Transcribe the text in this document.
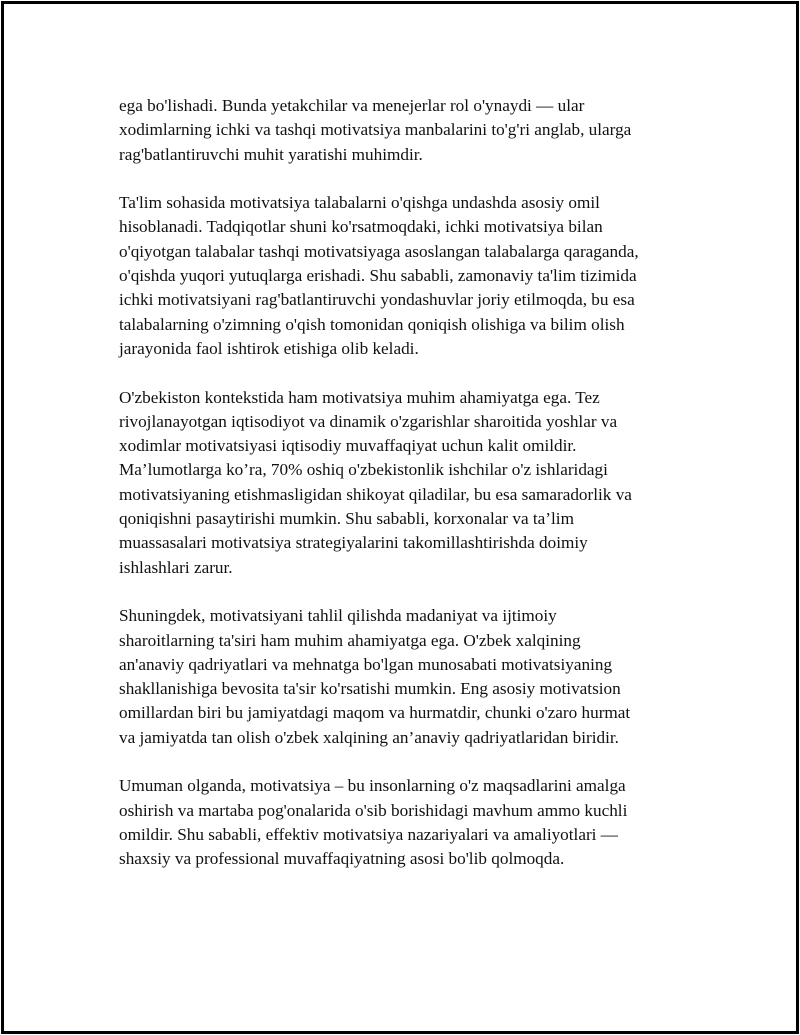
ega bo'lishadi. Bunda yetakchilar va menejerlar rol o'ynaydi — ular
xodimlarning ichki va tashqi motivatsiya manbalarini to'g'ri anglab, ularga
rag'batlantiruvchi muhit yaratishi muhimdir.

Ta'lim sohasida motivatsiya talabalarni o'qishga undashda asosiy omil
hisoblanadi. Tadqiqotlar shuni ko'rsatmoqdaki, ichki motivatsiya bilan
o'qiyotgan talabalar tashqi motivatsiyaga asoslangan talabalarga qaraganda,
o'qishda yuqori yutuqlarga erishadi. Shu sababli, zamonaviy ta'lim tizimida
ichki motivatsiyani rag'batlantiruvchi yondashuvlar joriy etilmoqda, bu esa
talabalarning o'zimning o'qish tomonidan qoniqish olishiga va bilim olish
jarayonida faol ishtirok etishiga olib keladi.

O'zbekiston kontekstida ham motivatsiya muhim ahamiyatga ega. Tez
rivojlanayotgan iqtisodiyot va dinamik o'zgarishlar sharoitida yoshlar va
xodimlar motivatsiyasi iqtisodiy muvaffaqiyat uchun kalit omildir.
Ma’lumotlarga ko’ra, 70% oshiq o'zbekistonlik ishchilar o'z ishlaridagi
motivatsiyaning etishmasligidan shikoyat qiladilar, bu esa samaradorlik va
qoniqishni pasaytirishi mumkin. Shu sababli, korxonalar va ta’lim
muassasalari motivatsiya strategiyalarini takomillashtirishda doimiy
ishlashlari zarur.

Shuningdek, motivatsiyani tahlil qilishda madaniyat va ijtimoiy
sharoitlarning ta'siri ham muhim ahamiyatga ega. O'zbek xalqining
an'anaviy qadriyatlari va mehnatga bo'lgan munosabati motivatsiyaning
shakllanishiga bevosita ta'sir ko'rsatishi mumkin. Eng asosiy motivatsion
omillardan biri bu jamiyatdagi maqom va hurmatdir, chunki o'zaro hurmat
va jamiyatda tan olish o'zbek xalqining an’anaviy qadriyatlaridan biridir.

Umuman olganda, motivatsiya – bu insonlarning o'z maqsadlarini amalga
oshirish va martaba pog'onalarida o'sib borishidagi mavhum ammo kuchli
omildir. Shu sababli, effektiv motivatsiya nazariyalari va amaliyotlari —
shaxsiy va professional muvaffaqiyatning asosi bo'lib qolmoqda.
